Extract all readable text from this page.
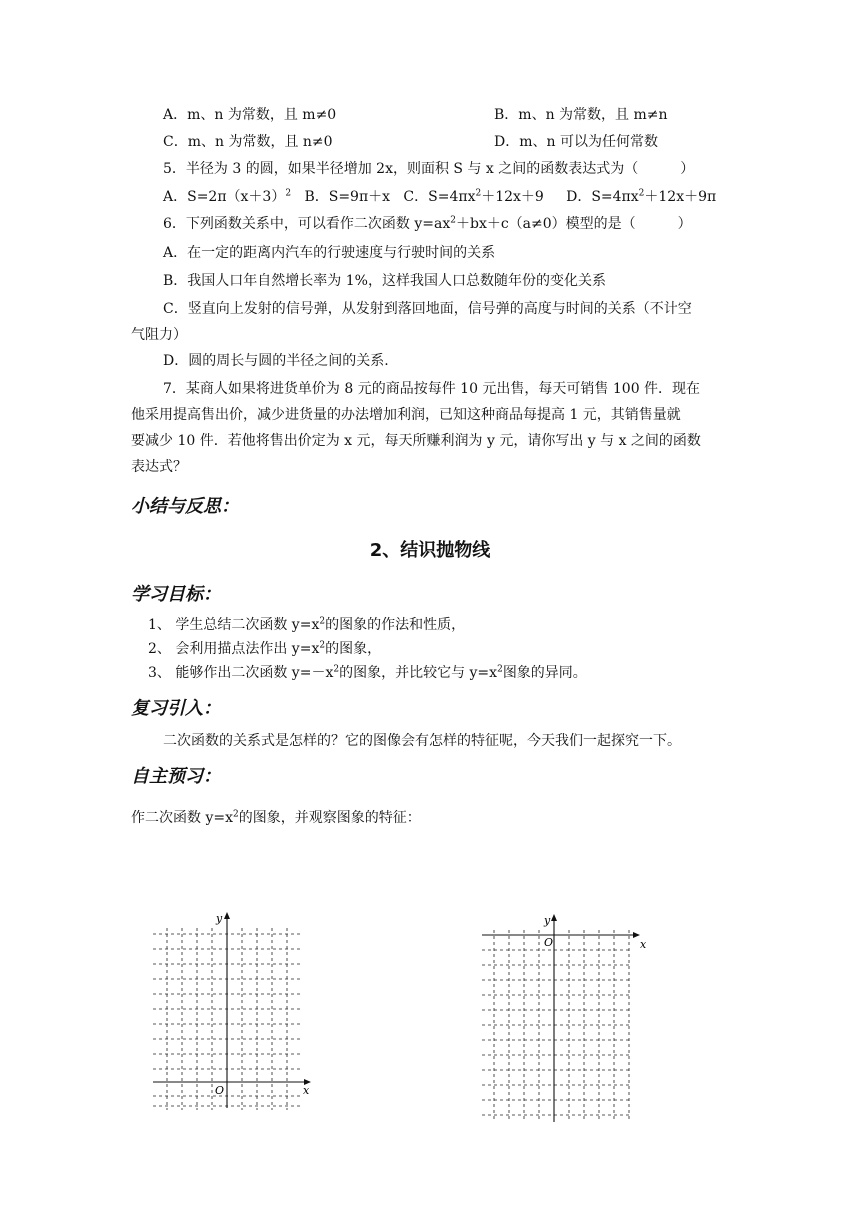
A．m、n 为常数，且 m≠0	B．m、n 为常数，且 m≠n
C．m、n 为常数，且 n≠0	D．m、n 可以为任何常数
5．半径为 3 的圆，如果半径增加 2x，则面积 S 与 x 之间的函数表达式为（　　　）
A．$S=2\pi(x+3)^2$ B．S=9π＋x C．$S=4\pi x^2+12x+9$ D．$S=4\pi x^2+12x+9\pi$
6．下列函数关系中，可以看作二次函数 $y=ax^2+bx+c(a\ne 0)$模型的是（　　　）
A．在一定的距离内汽车的行驶速度与行驶时间的关系
B．我国人口年自然增长率为 1%，这样我国人口总数随年份的变化关系
C．竖直向上发射的信号弹，从发射到落回地面，信号弹的高度与时间的关系（不计空
气阻力）
D．圆的周长与圆的半径之间的关系.
7．某商人如果将进货单价为 8 元的商品按每件 10 元出售，每天可销售 100 件．现在
他采用提高售出价，减少进货量的办法增加利润，已知这种商品每提高 1 元，其销售量就
要减少 10 件．若他将售出价定为 x 元，每天所赚利润为 y 元，请你写出 y 与 x 之间的函数
表达式？
小结与反思：
2、结识抛物线
学习目标：
1、 学生总结二次函数 $y=x^2$的图象的作法和性质，
2、 会利用描点法作出 $y=x^2$的图象，
3、 能够作出二次函数 $y=-x^2$的图象，并比较它与 $y=x^2$图象的异同。
复习引入：
二次函数的关系式是怎样的？它的图像会有怎样的特征呢，今天我们一起探究一下。
自主预习：
作二次函数 $y=x^2$的图象，并观察图象的特征：
y
x
O
y
x
O
